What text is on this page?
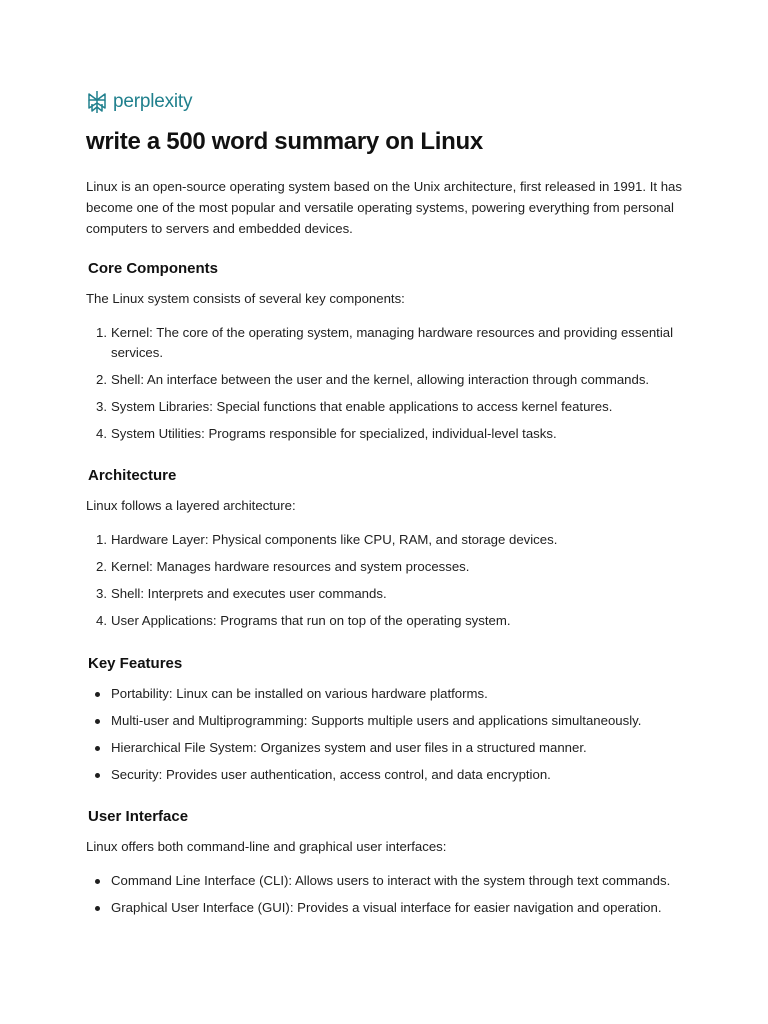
perplexity
write a 500 word summary on Linux

Linux is an open-source operating system based on the Unix architecture, first released in 1991. It has become one of the most popular and versatile operating systems, powering everything from personal computers to servers and embedded devices.

Core Components

The Linux system consists of several key components:

1. Kernel: The core of the operating system, managing hardware resources and providing essential services.
2. Shell: An interface between the user and the kernel, allowing interaction through commands.
3. System Libraries: Special functions that enable applications to access kernel features.
4. System Utilities: Programs responsible for specialized, individual-level tasks.
Architecture

Linux follows a layered architecture:

1. Hardware Layer: Physical components like CPU, RAM, and storage devices.
2. Kernel: Manages hardware resources and system processes.
3. Shell: Interprets and executes user commands.
4. User Applications: Programs that run on top of the operating system.
Key Features
Portability: Linux can be installed on various hardware platforms.
Multi-user and Multiprogramming: Supports multiple users and applications simultaneously.
Hierarchical File System: Organizes system and user files in a structured manner.
Security: Provides user authentication, access control, and data encryption.
User Interface

Linux offers both command-line and graphical user interfaces:

Command Line Interface (CLI): Allows users to interact with the system through text commands.
Graphical User Interface (GUI): Provides a visual interface for easier navigation and operation.
